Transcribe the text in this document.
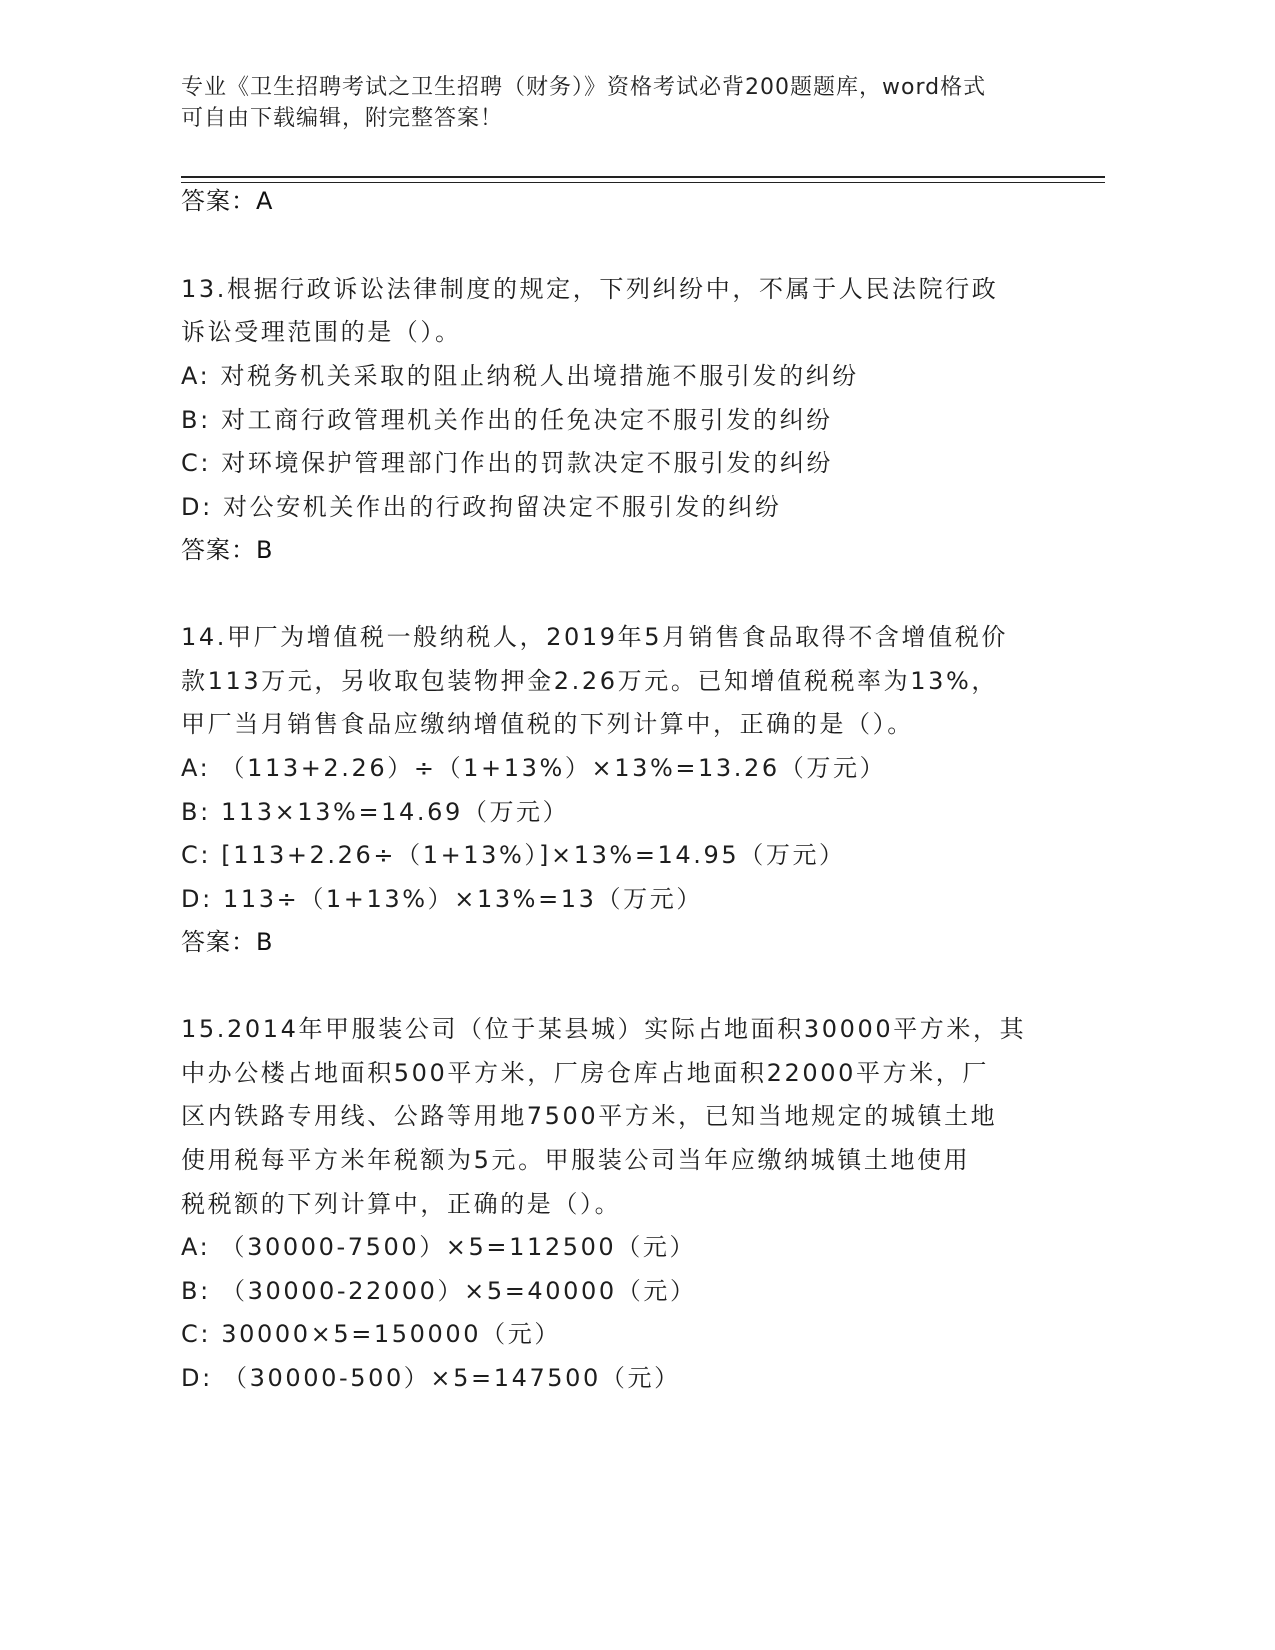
专业《卫生招聘考试之卫生招聘（财务）》资格考试必背200题题库，word格式
可自由下载编辑，附完整答案！
答案：A
13.根据行政诉讼法律制度的规定，下列纠纷中，不属于人民法院行政
诉讼受理范围的是（）。
A: 对税务机关采取的阻止纳税人出境措施不服引发的纠纷
B: 对工商行政管理机关作出的任免决定不服引发的纠纷
C: 对环境保护管理部门作出的罚款决定不服引发的纠纷
D: 对公安机关作出的行政拘留决定不服引发的纠纷
答案：B
14.甲厂为增值税一般纳税人，2019年5月销售食品取得不含增值税价
款113万元，另收取包装物押金2.26万元。已知增值税税率为13%，
甲厂当月销售食品应缴纳增值税的下列计算中，正确的是（）。
A: （113+2.26）÷（1+13%）×13%=13.26（万元）
B: 113×13%=14.69（万元）
C: [113+2.26÷（1+13%）]×13%=14.95（万元）
D: 113÷（1+13%）×13%=13（万元）
答案：B
15.2014年甲服装公司（位于某县城）实际占地面积30000平方米，其
中办公楼占地面积500平方米，厂房仓库占地面积22000平方米，厂
区内铁路专用线、公路等用地7500平方米，已知当地规定的城镇土地
使用税每平方米年税额为5元。甲服装公司当年应缴纳城镇土地使用
税税额的下列计算中，正确的是（）。
A: （30000-7500）×5=112500（元）
B: （30000-22000）×5=40000（元）
C: 30000×5=150000（元）
D: （30000-500）×5=147500（元）
